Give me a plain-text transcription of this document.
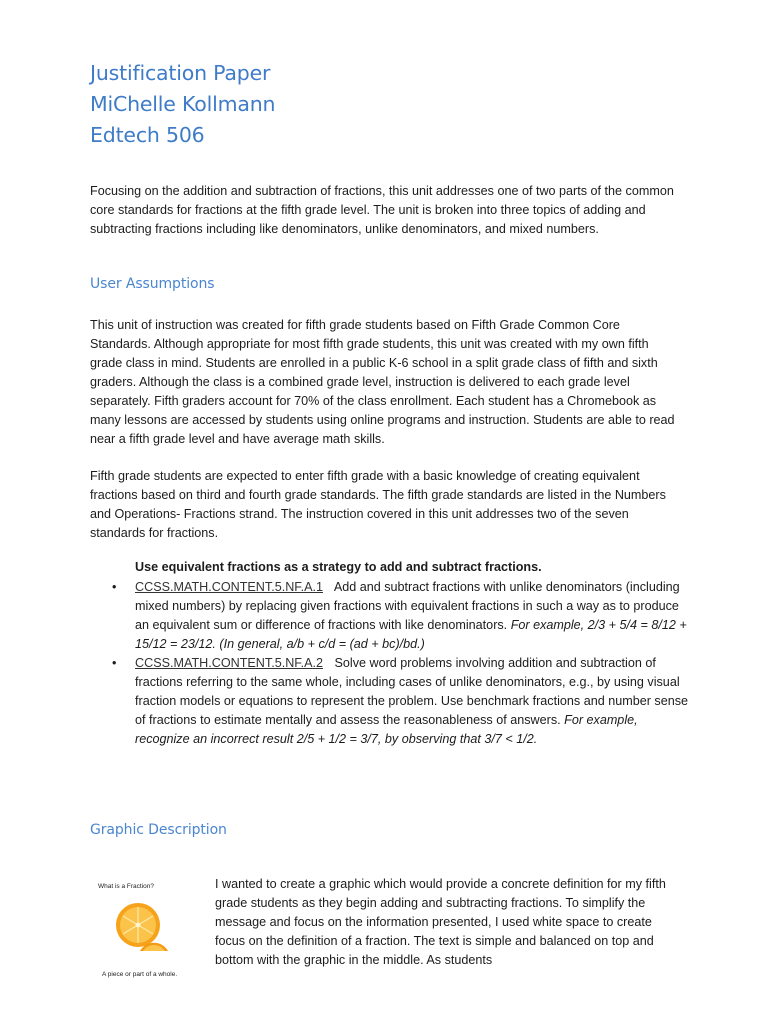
Justification Paper

MiChelle Kollmann

Edtech 506

Focusing on the addition and subtraction of fractions, this unit addresses one of two parts of the common core standards for fractions at the fifth grade level. The unit is broken into three topics of adding and subtracting fractions including like denominators, unlike denominators, and mixed numbers.

User Assumptions

This unit of instruction was created for fifth grade students based on Fifth Grade Common Core Standards. Although appropriate for most fifth grade students, this unit was created with my own fifth grade class in mind. Students are enrolled in a public K-6 school in a split grade class of fifth and sixth graders. Although the class is a combined grade level, instruction is delivered to each grade level separately. Fifth graders account for 70% of the class enrollment. Each student has a Chromebook as many lessons are accessed by students using online programs and instruction. Students are able to read near a fifth grade level and have average math skills.

Fifth grade students are expected to enter fifth grade with a basic knowledge of creating equivalent fractions based on third and fourth grade standards. The fifth grade standards are listed in the Numbers and Operations- Fractions strand. The instruction covered in this unit addresses two of the seven standards for fractions.

Use equivalent fractions as a strategy to add and subtract fractions.

• CCSS.MATH.CONTENT.5.NF.A.1 Add and subtract fractions with unlike denominators (including mixed numbers) by replacing given fractions with equivalent fractions in such a way as to produce an equivalent sum or difference of fractions with like denominators. For example, 2/3 + 5/4 = 8/12 + 15/12 = 23/12. (In general, a/b + c/d = (ad + bc)/bd.)
• CCSS.MATH.CONTENT.5.NF.A.2 Solve word problems involving addition and subtraction of fractions referring to the same whole, including cases of unlike denominators, e.g., by using visual fraction models or equations to represent the problem. Use benchmark fractions and number sense of fractions to estimate mentally and assess the reasonableness of answers. For example, recognize an incorrect result 2/5 + 1/2 = 3/7, by observing that 3/7 < 1/2.

Graphic Description

What is a Fraction?
A piece or part of a whole.

I wanted to create a graphic which would provide a concrete definition for my fifth grade students as they begin adding and subtracting fractions. To simplify the message and focus on the information presented, I used white space to create focus on the definition of a fraction. The text is simple and balanced on top and bottom with the graphic in the middle. As students
